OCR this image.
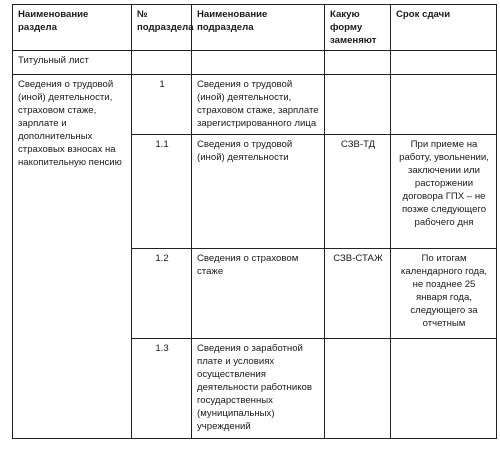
Наименование раздела	№ подраздела	Наименование подраздела	Какую форму заменяют	Срок сдачи
Титульный лист				
Сведения о трудовой (иной) деятельности, страховом стаже, зарплате и дополнительных страховых взносах на накопительную пенсию	1	Сведения о трудовой (иной) деятельности, страховом стаже, зарплате зарегистрированного лица		
	1.1	Сведения о трудовой (иной) деятельности	СЗВ-ТД	При приеме на работу, увольнении, заключении или расторжении договора ГПХ – не позже следующего рабочего дня
	1.2	Сведения о страховом стаже	СЗВ-СТАЖ	По итогам календарного года, не позднее 25 января года, следующего за отчетным
	1.3	Сведения о заработной плате и условиях осуществления деятельности работников государственных (муниципальных) учреждений		
